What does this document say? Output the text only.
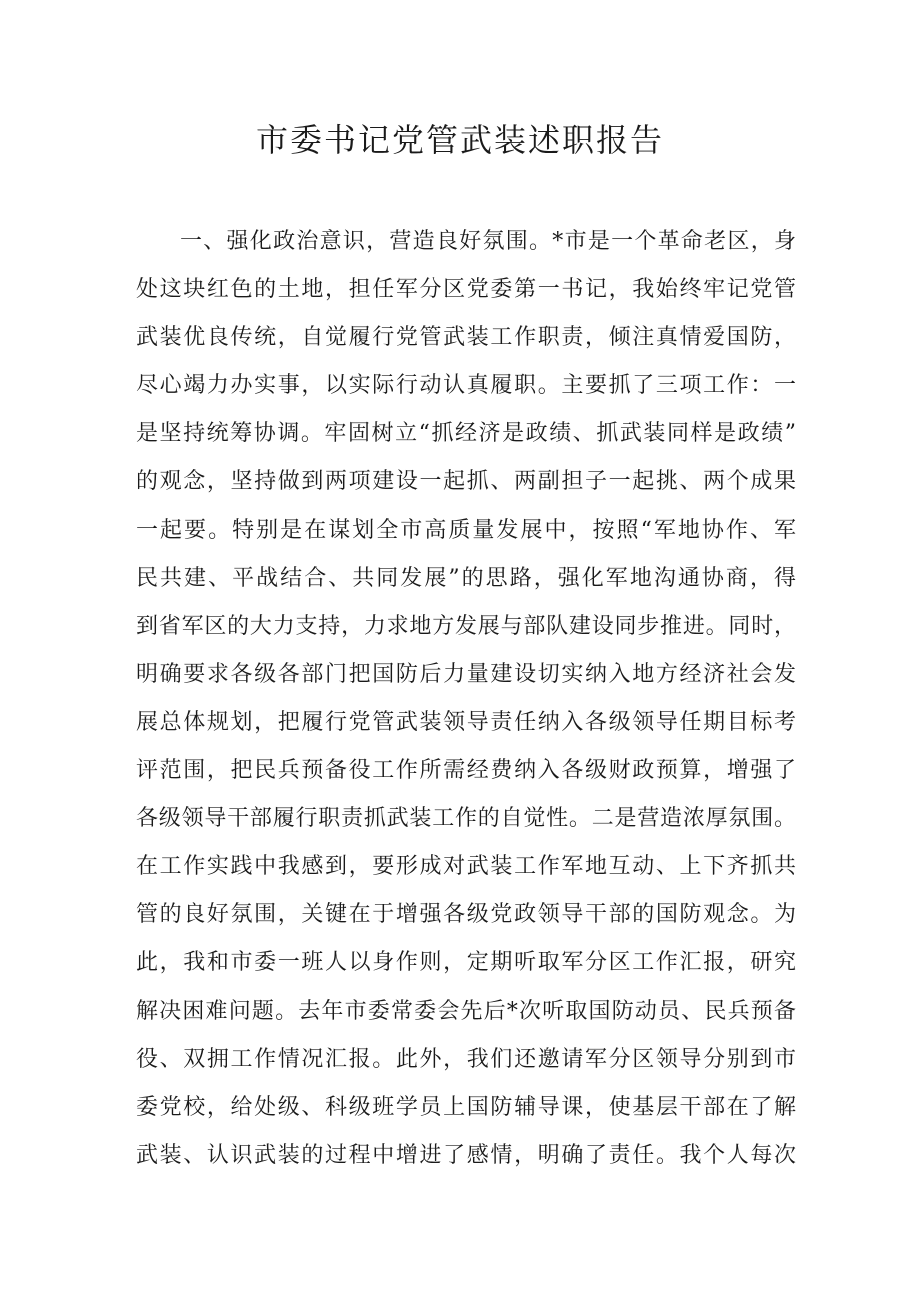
市委书记党管武装述职报告
一、强化政治意识，营造良好氛围。*市是一个革命老区，身
处这块红色的土地，担任军分区党委第一书记，我始终牢记党管
武装优良传统，自觉履行党管武装工作职责，倾注真情爱国防，
尽心竭力办实事，以实际行动认真履职。主要抓了三项工作：一
是坚持统筹协调。牢固树立“抓经济是政绩、抓武装同样是政绩”
的观念，坚持做到两项建设一起抓、两副担子一起挑、两个成果
一起要。特别是在谋划全市高质量发展中，按照“军地协作、军
民共建、平战结合、共同发展”的思路，强化军地沟通协商，得
到省军区的大力支持，力求地方发展与部队建设同步推进。同时，
明确要求各级各部门把国防后力量建设切实纳入地方经济社会发
展总体规划，把履行党管武装领导责任纳入各级领导任期目标考
评范围，把民兵预备役工作所需经费纳入各级财政预算，增强了
各级领导干部履行职责抓武装工作的自觉性。二是营造浓厚氛围。
在工作实践中我感到，要形成对武装工作军地互动、上下齐抓共
管的良好氛围，关键在于增强各级党政领导干部的国防观念。为
此，我和市委一班人以身作则，定期听取军分区工作汇报，研究
解决困难问题。去年市委常委会先后*次听取国防动员、民兵预备
役、双拥工作情况汇报。此外，我们还邀请军分区领导分别到市
委党校，给处级、科级班学员上国防辅导课，使基层干部在了解
武装、认识武装的过程中增进了感情，明确了责任。我个人每次
